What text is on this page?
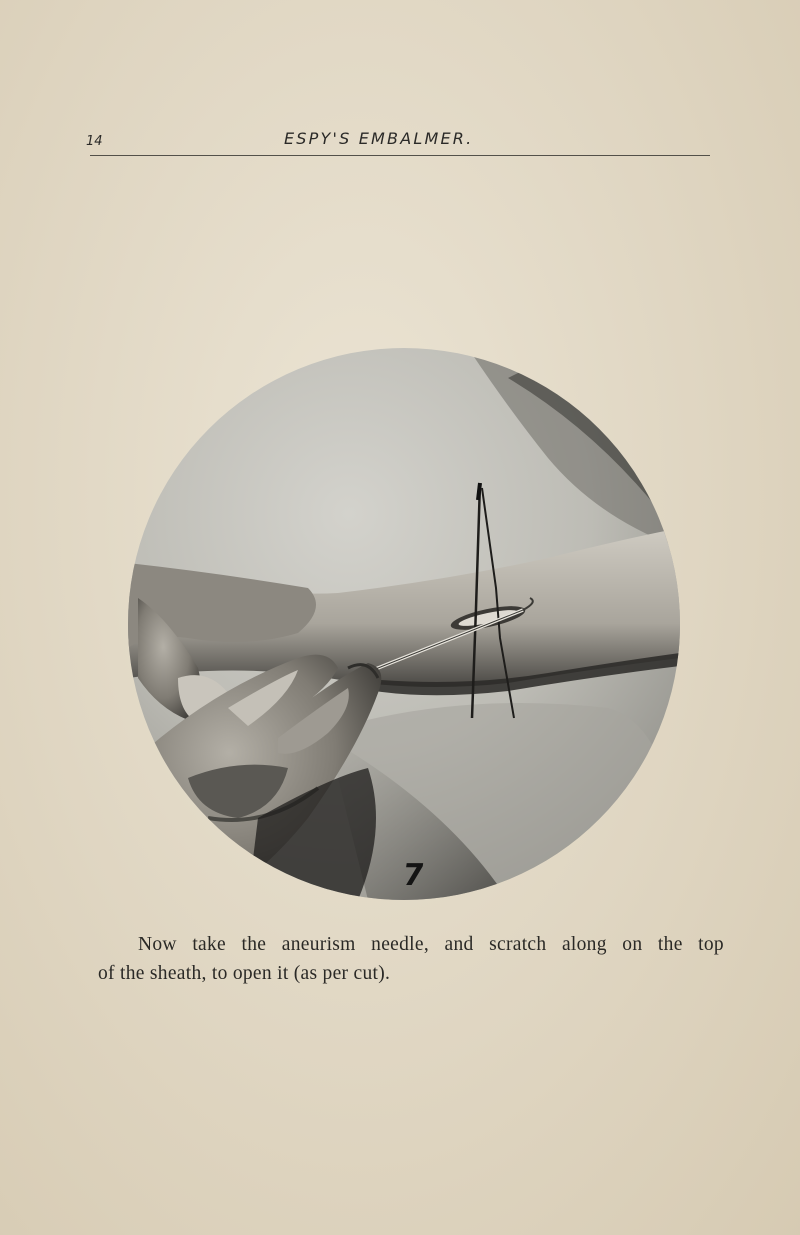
14	ESPY'S EMBALMER.
7
Now take the aneurism needle, and scratch along on the top
of the sheath, to open it (as per cut).
